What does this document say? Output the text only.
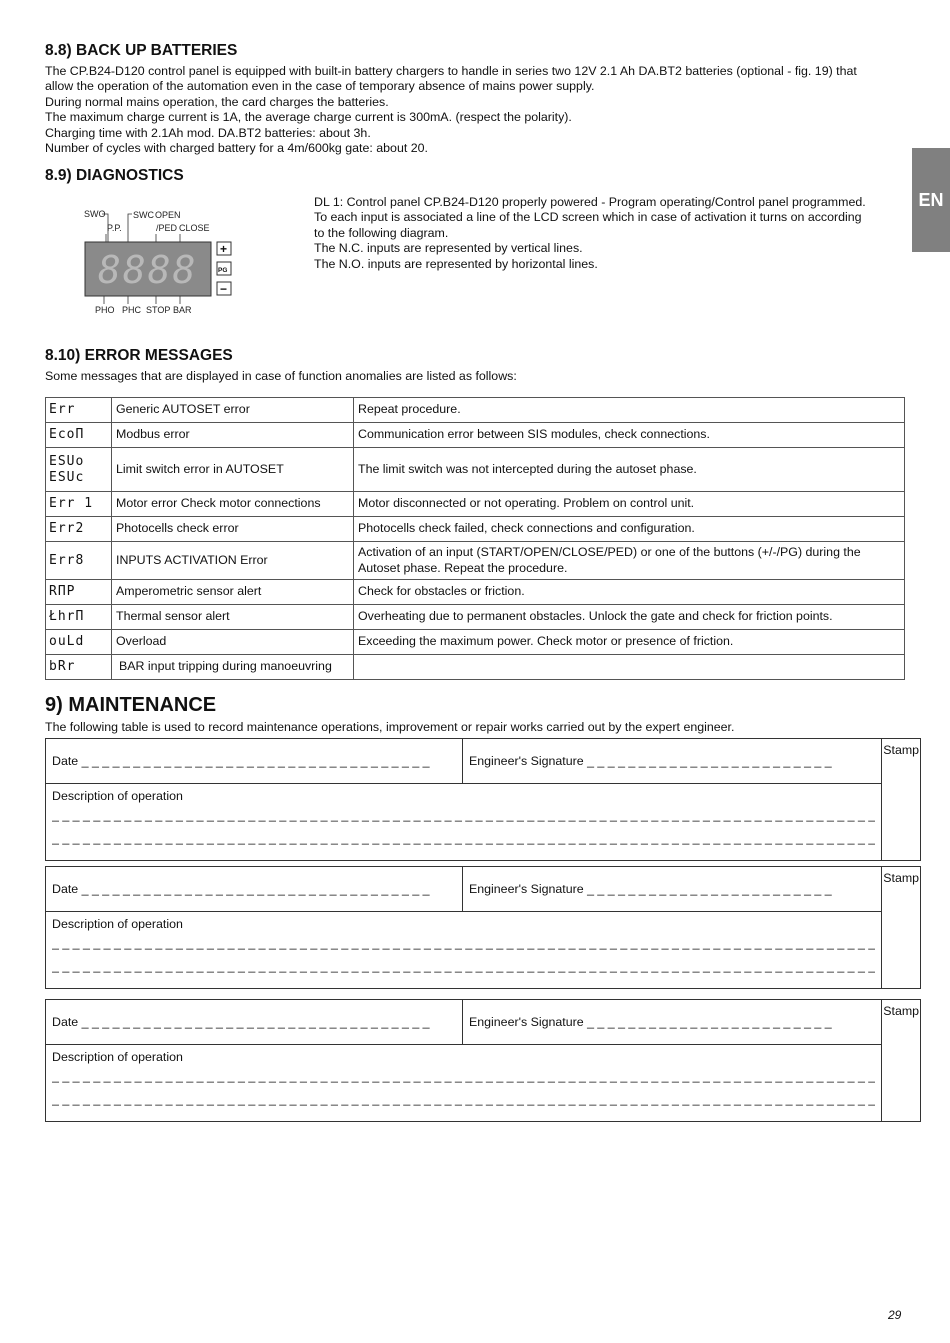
EN
8.8) BACK UP BATTERIES
The CP.B24-D120 control panel is equipped with built-in battery chargers to handle in series two 12V 2.1 Ah DA.BT2 batteries (optional - fig. 19) that
allow the operation of the automation even in the case of temporary absence of mains power supply.
During normal mains operation, the card charges the batteries.
The maximum charge current is 1A, the average charge current is 300mA. (respect the polarity).
Charging time with 2.1Ah mod. DA.BT2 batteries: about 3h.
Number of cycles with charged battery for a 4m/600kg gate: about 20.
8.9) DIAGNOSTICS
DL 1: Control panel CP.B24-D120 properly powered - Program operating/Control panel programmed.
To each input is associated a line of the LCD screen which in case of activation it turns on according
to the following diagram.
The N.C. inputs are represented by vertical lines.
The N.O. inputs are represented by horizontal lines.
SWO
P.P.
SWC OPEN
/PED CLOSE
PHO PHC STOP BAR
8888 +
PG
−
8.10) ERROR MESSAGES
Some messages that are displayed in case of function anomalies are listed as follows:
Err	Generic AUTOSET error	Repeat procedure.

EcoП	Modbus error	Communication error between SIS modules, check connections.

ESUo
ESUc	Limit switch error in AUTOSET	The limit switch was not intercepted during the autoset phase.

Err 1	Motor error Check motor connections	Motor disconnected or not operating. Problem on control unit.

Err2	Photocells check error	Photocells check failed, check connections and configuration.

Err8	INPUTS ACTIVATION Error	Activation of an input (START/OPEN/CLOSE/PED) or one of the buttons (+/-/PG) during the Autoset phase. Repeat the procedure.

RПP	Amperometric sensor alert	Check for obstacles or friction.

ŁhrП	Thermal sensor alert	Overheating due to permanent obstacles. Unlock the gate and check for friction points.

ouLd	Overload	Exceeding the maximum power. Check motor or presence of friction.

bRr	BAR input tripping during manoeuvring	
9) MAINTENANCE
The following table is used to record maintenance operations, improvement or repair works carried out by the expert engineer.
Date _ _ _ _ _ _ _ _ _ _ _ _ _ _ _ _ _ _ _ _ _ _ _ _ _ _ _ _ _ _ _ _ _ _	Engineer's Signature _ _ _ _ _ _ _ _ _ _ _ _ _ _ _ _ _ _ _ _ _ _ _ _	Stamp

Description of operation
_ _ _ _ _ _ _ _ _ _ _ _ _ _ _ _ _ _ _ _ _ _ _ _ _ _ _ _ _ _ _ _ _ _ _ _ _ _ _ _ _ _ _ _ _ _ _ _ _ _ _ _ _ _ _ _ _ _ _ _ _ _ _ _ _ _ _ _ _ _ _ _ _ _ _ _ _ _ _ _
_ _ _ _ _ _ _ _ _ _ _ _ _ _ _ _ _ _ _ _ _ _ _ _ _ _ _ _ _ _ _ _ _ _ _ _ _ _ _ _ _ _ _ _ _ _ _ _ _ _ _ _ _ _ _ _ _ _ _ _ _ _ _ _ _ _ _ _ _ _ _ _ _ _ _ _ _ _ _ _
Date _ _ _ _ _ _ _ _ _ _ _ _ _ _ _ _ _ _ _ _ _ _ _ _ _ _ _ _ _ _ _ _ _ _	Engineer's Signature _ _ _ _ _ _ _ _ _ _ _ _ _ _ _ _ _ _ _ _ _ _ _ _	Stamp

Description of operation
_ _ _ _ _ _ _ _ _ _ _ _ _ _ _ _ _ _ _ _ _ _ _ _ _ _ _ _ _ _ _ _ _ _ _ _ _ _ _ _ _ _ _ _ _ _ _ _ _ _ _ _ _ _ _ _ _ _ _ _ _ _ _ _ _ _ _ _ _ _ _ _ _ _ _ _ _ _ _ _
_ _ _ _ _ _ _ _ _ _ _ _ _ _ _ _ _ _ _ _ _ _ _ _ _ _ _ _ _ _ _ _ _ _ _ _ _ _ _ _ _ _ _ _ _ _ _ _ _ _ _ _ _ _ _ _ _ _ _ _ _ _ _ _ _ _ _ _ _ _ _ _ _ _ _ _ _ _ _ _
Date _ _ _ _ _ _ _ _ _ _ _ _ _ _ _ _ _ _ _ _ _ _ _ _ _ _ _ _ _ _ _ _ _ _	Engineer's Signature _ _ _ _ _ _ _ _ _ _ _ _ _ _ _ _ _ _ _ _ _ _ _ _	Stamp

Description of operation
_ _ _ _ _ _ _ _ _ _ _ _ _ _ _ _ _ _ _ _ _ _ _ _ _ _ _ _ _ _ _ _ _ _ _ _ _ _ _ _ _ _ _ _ _ _ _ _ _ _ _ _ _ _ _ _ _ _ _ _ _ _ _ _ _ _ _ _ _ _ _ _ _ _ _ _ _ _ _ _
_ _ _ _ _ _ _ _ _ _ _ _ _ _ _ _ _ _ _ _ _ _ _ _ _ _ _ _ _ _ _ _ _ _ _ _ _ _ _ _ _ _ _ _ _ _ _ _ _ _ _ _ _ _ _ _ _ _ _ _ _ _ _ _ _ _ _ _ _ _ _ _ _ _ _ _ _ _ _ _
29
